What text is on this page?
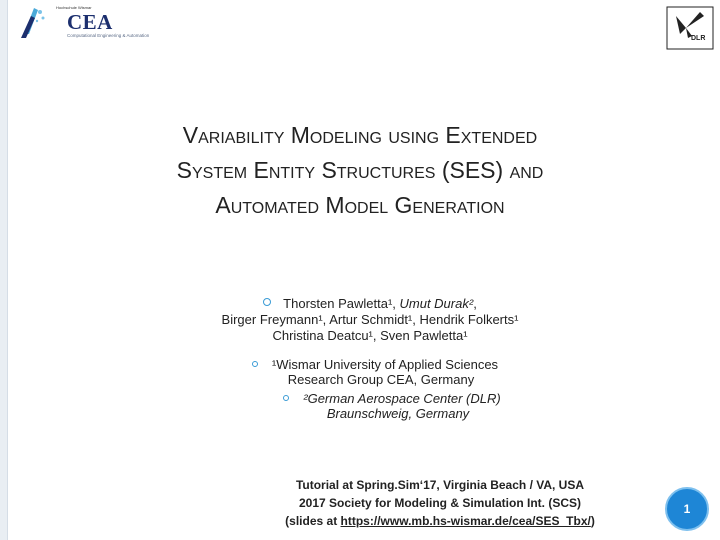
Hochschule Wismar
CEA
Computational Engineering & Automation	DLR
Variability Modeling using Extended
System Entity Structures (SES) and
Automated Model Generation
Thorsten Pawletta¹, Umut Durak²,
Birger Freymann¹, Artur Schmidt¹, Hendrik Folkerts¹
Christina Deatcu¹, Sven Pawletta¹
¹Wismar University of Applied Sciences
Research Group CEA, Germany
²German Aerospace Center (DLR)
Braunschweig, Germany
Tutorial at Spring.Sim‘17, Virginia Beach / VA, USA
2017 Society for Modeling & Simulation Int. (SCS)
(slides at https://www.mb.hs-wismar.de/cea/SES_Tbx/)
1
